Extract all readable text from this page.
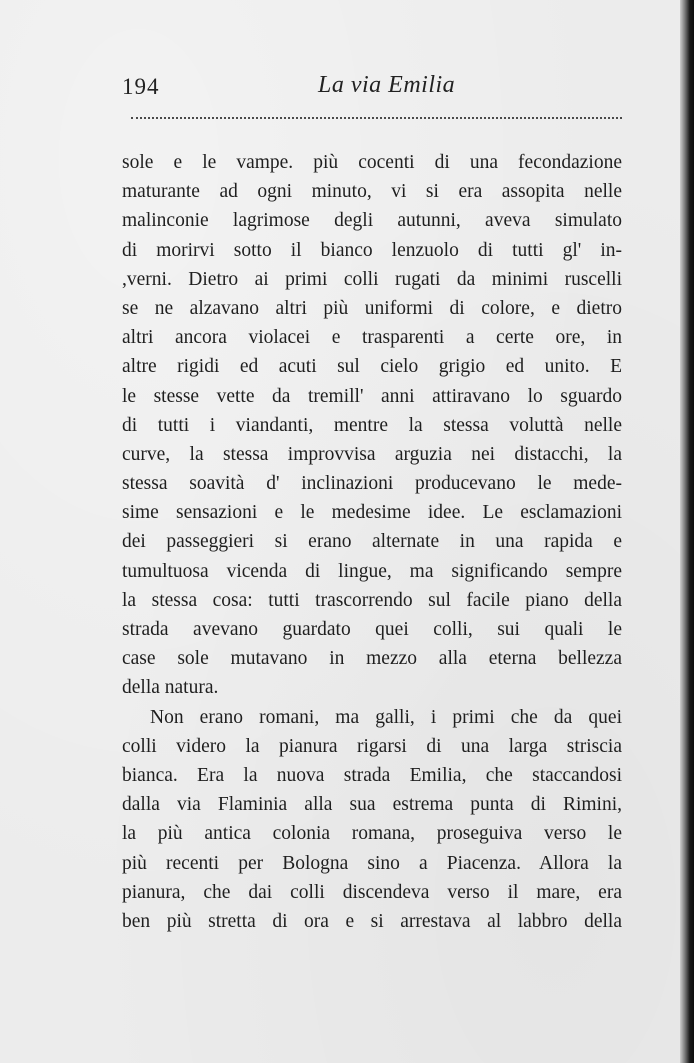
194	La via Emilia
sole e le vampe. più cocenti di una fecondazione
maturante ad ogni minuto, vi si era assopita nelle
malinconie lagrimose degli autunni, aveva simulato
di morirvi sotto il bianco lenzuolo di tutti gl' in-
,verni. Dietro ai primi colli rugati da minimi ruscelli
se ne alzavano altri più uniformi di colore, e dietro
altri ancora violacei e trasparenti a certe ore, in
altre rigidi ed acuti sul cielo grigio ed unito. E
le stesse vette da tremill' anni attiravano lo sguardo
di tutti i viandanti, mentre la stessa voluttà nelle
curve, la stessa improvvisa arguzia nei distacchi, la
stessa soavità d' inclinazioni producevano le mede-
sime sensazioni e le medesime idee. Le esclamazioni
dei passeggieri si erano alternate in una rapida e
tumultuosa vicenda di lingue, ma significando sempre
la stessa cosa: tutti trascorrendo sul facile piano della
strada avevano guardato quei colli, sui quali le
case sole mutavano in mezzo alla eterna bellezza
della natura.
Non erano romani, ma galli, i primi che da quei
colli videro la pianura rigarsi di una larga striscia
bianca. Era la nuova strada Emilia, che staccandosi
dalla via Flaminia alla sua estrema punta di Rimini,
la più antica colonia romana, proseguiva verso le
più recenti per Bologna sino a Piacenza. Allora la
pianura, che dai colli discendeva verso il mare, era
ben più stretta di ora e si arrestava al labbro della
